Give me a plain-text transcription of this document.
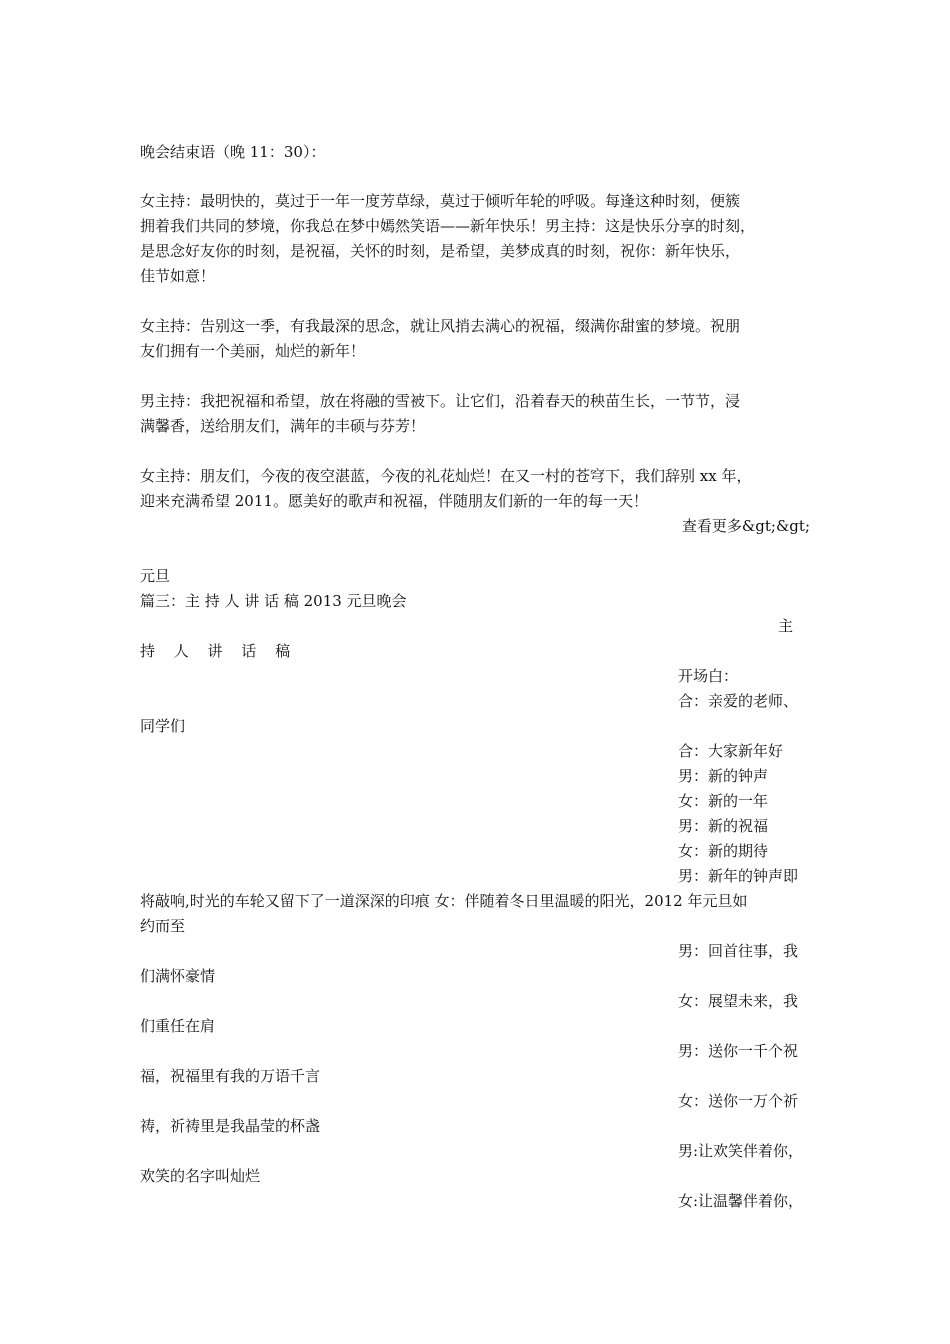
晚会结束语（晚 11：30）：
女主持：最明快的，莫过于一年一度芳草绿，莫过于倾听年轮的呼吸。每逢这种时刻，便簇
拥着我们共同的梦境，你我总在梦中嫣然笑语——新年快乐！男主持：这是快乐分享的时刻，
是思念好友你的时刻，是祝福，关怀的时刻，是希望，美梦成真的时刻，祝你：新年快乐，
佳节如意！
女主持：告别这一季，有我最深的思念，就让风捎去满心的祝福，缀满你甜蜜的梦境。祝朋
友们拥有一个美丽，灿烂的新年！
男主持：我把祝福和希望，放在将融的雪被下。让它们，沿着春天的秧苗生长，一节节，浸
满馨香，送给朋友们，满年的丰硕与芬芳！
女主持：朋友们，今夜的夜空湛蓝，今夜的礼花灿烂！在又一村的苍穹下，我们辞别 xx 年，
迎来充满希望 2011。愿美好的歌声和祝福，伴随朋友们新的一年的每一天！
查看更多&gt;&gt;
元旦
篇三：主 持 人 讲 话 稿 2013 元旦晚会
主
持 人 讲 话 稿
开场白：
合：亲爱的老师、
同学们
合：大家新年好
男：新的钟声
女：新的一年
男：新的祝福
女：新的期待
男：新年的钟声即
将敲响,时光的车轮又留下了一道深深的印痕 女：伴随着冬日里温暖的阳光，2012 年元旦如
约而至
男：回首往事，我
们满怀豪情
女：展望未来，我
们重任在肩
男：送你一千个祝
福，祝福里有我的万语千言
女：送你一万个祈
祷，祈祷里是我晶莹的杯盏
男:让欢笑伴着你，
欢笑的名字叫灿烂
女:让温馨伴着你，
